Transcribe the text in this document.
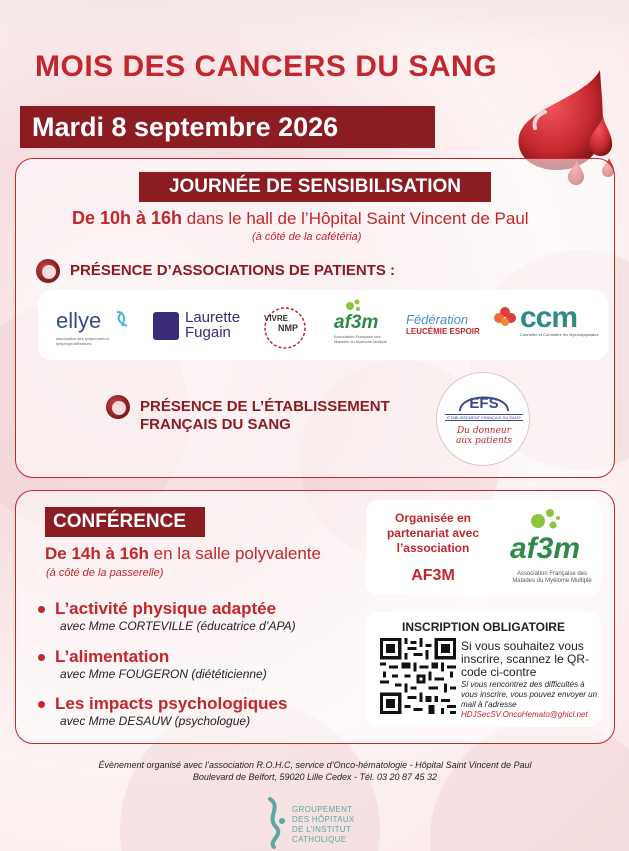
MOIS DES CANCERS DU SANG
Mardi 8 septembre 2026
JOURNÉE DE SENSIBILISATION
De 10h à 16h dans le hall de l’Hôpital Saint Vincent de Paul
(à côté de la cafétéria)
PRÉSENCE D’ASSOCIATIONS DE PATIENTS :
ellye
association des lymphomes et lymphoproliferatives
Laurette
Fugain
VIVRE
NMP af3m
Association Française des Malades du Myélome Multiple
Fédération
LEUCÉMIE ESPOIR	ccm
Connaître et Combattre les Myélodysplasies
PRÉSENCE DE L’ÉTABLISSEMENT
FRANÇAIS DU SANG
EFS
ÉTABLISSEMENT FRANÇAIS DU SANG
Du donneur
aux patients
CONFÉRENCE
De 14h à 16h en la salle polyvalente
(à côté de la passerelle)
L’activité physique adaptée
avec Mme CORTEVILLE (éducatrice d’APA)
L’alimentation
avec Mme FOUGERON (diététicienne)
Les impacts psychologiques
avec Mme DESAUW (psychologue)
Organisée en partenariat avec l’association
AF3M
af3m
Association Française des Malades du Myélome Multiple
INSCRIPTION OBLIGATOIRE
Si vous souhaitez vous inscrire, scannez le QR-code ci-contre
Si vous rencontrez des difficultés à vous inscrire, vous pouvez envoyer un mail à l’adresse
HDJSecSV.OncoHemato@ghicl.net
Évènement organisé avec l’association R.O.H.C, service d’Onco-hématologie - Hôpital Saint Vincent de Paul
Boulevard de Belfort, 59020 Lille Cedex - Tél. 03 20 87 45 32
GROUPEMENT
DES HÔPITAUX
DE L’INSTITUT
CATHOLIQUE
